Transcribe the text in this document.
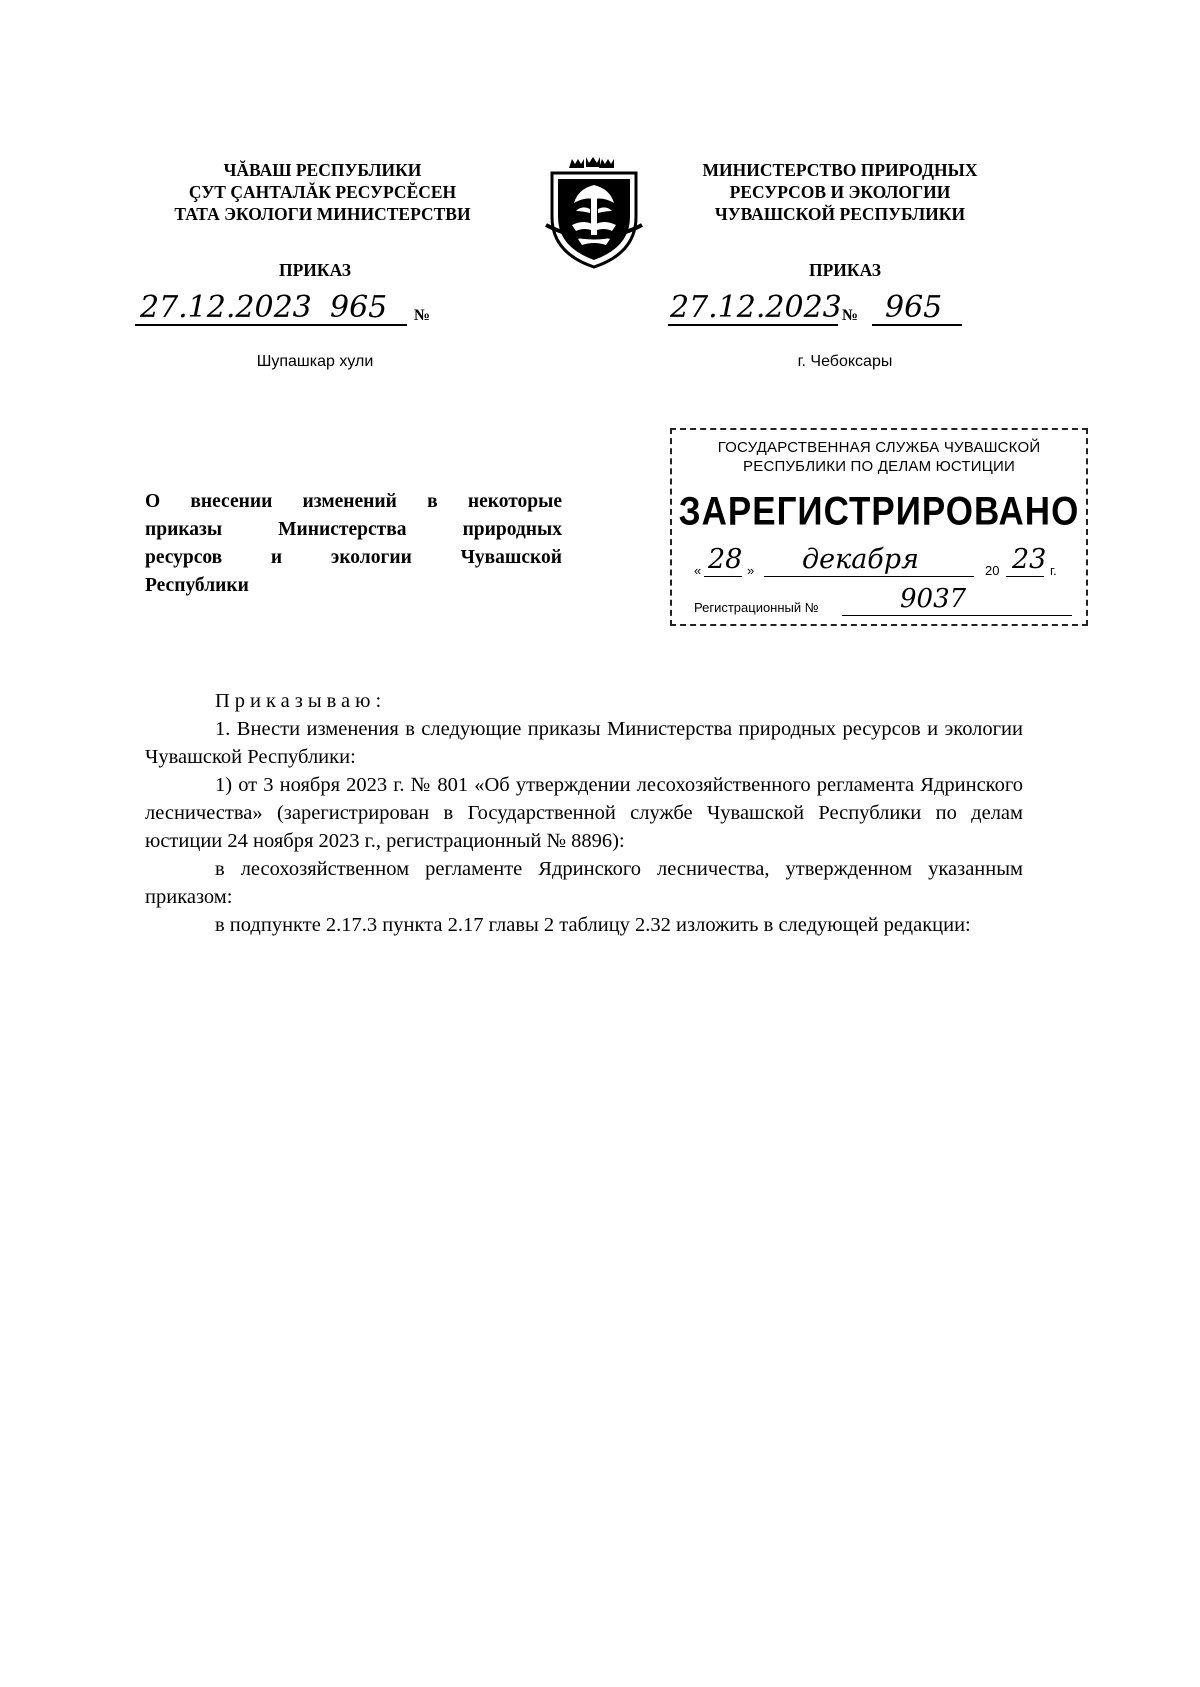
ЧĂВАШ РЕСПУБЛИКИ
ÇУТ ÇАНТАЛĂК РЕСУРСĔСЕН
ТАТА ЭКОЛОГИ МИНИСТЕРСТВИ
МИНИСТЕРСТВО ПРИРОДНЫХ
РЕСУРСОВ И ЭКОЛОГИИ
ЧУВАШСКОЙ РЕСПУБЛИКИ
ПРИКАЗ
27.12.2023 965 №
Шупашкар хули
ПРИКАЗ
27.12.2023 № 965
г. Чебоксары
ГОСУДАРСТВЕННАЯ СЛУЖБА ЧУВАШСКОЙ
РЕСПУБЛИКИ ПО ДЕЛАМ ЮСТИЦИИ
ЗАРЕГИСТРИРОВАНО
« 28 » декабря	20 23 г.
Регистрационный №	9037
О внесении изменений в некоторые
приказы Министерства природных
ресурсов и экологии Чувашской
Республики

Приказываю:

1. Внести изменения в следующие приказы Министерства природных ресурсов и экологии Чувашской Республики:

1) от 3 ноября 2023 г. № 801 «Об утверждении лесохозяйственного регламента Ядринского лесничества» (зарегистрирован в Государственной службе Чувашской Республики по делам юстиции 24 ноября 2023 г., регистрационный № 8896):

в лесохозяйственном регламенте Ядринского лесничества, утвержденном указанным приказом:

в подпункте 2.17.3 пункта 2.17 главы 2 таблицу 2.32 изложить в следующей редакции:
